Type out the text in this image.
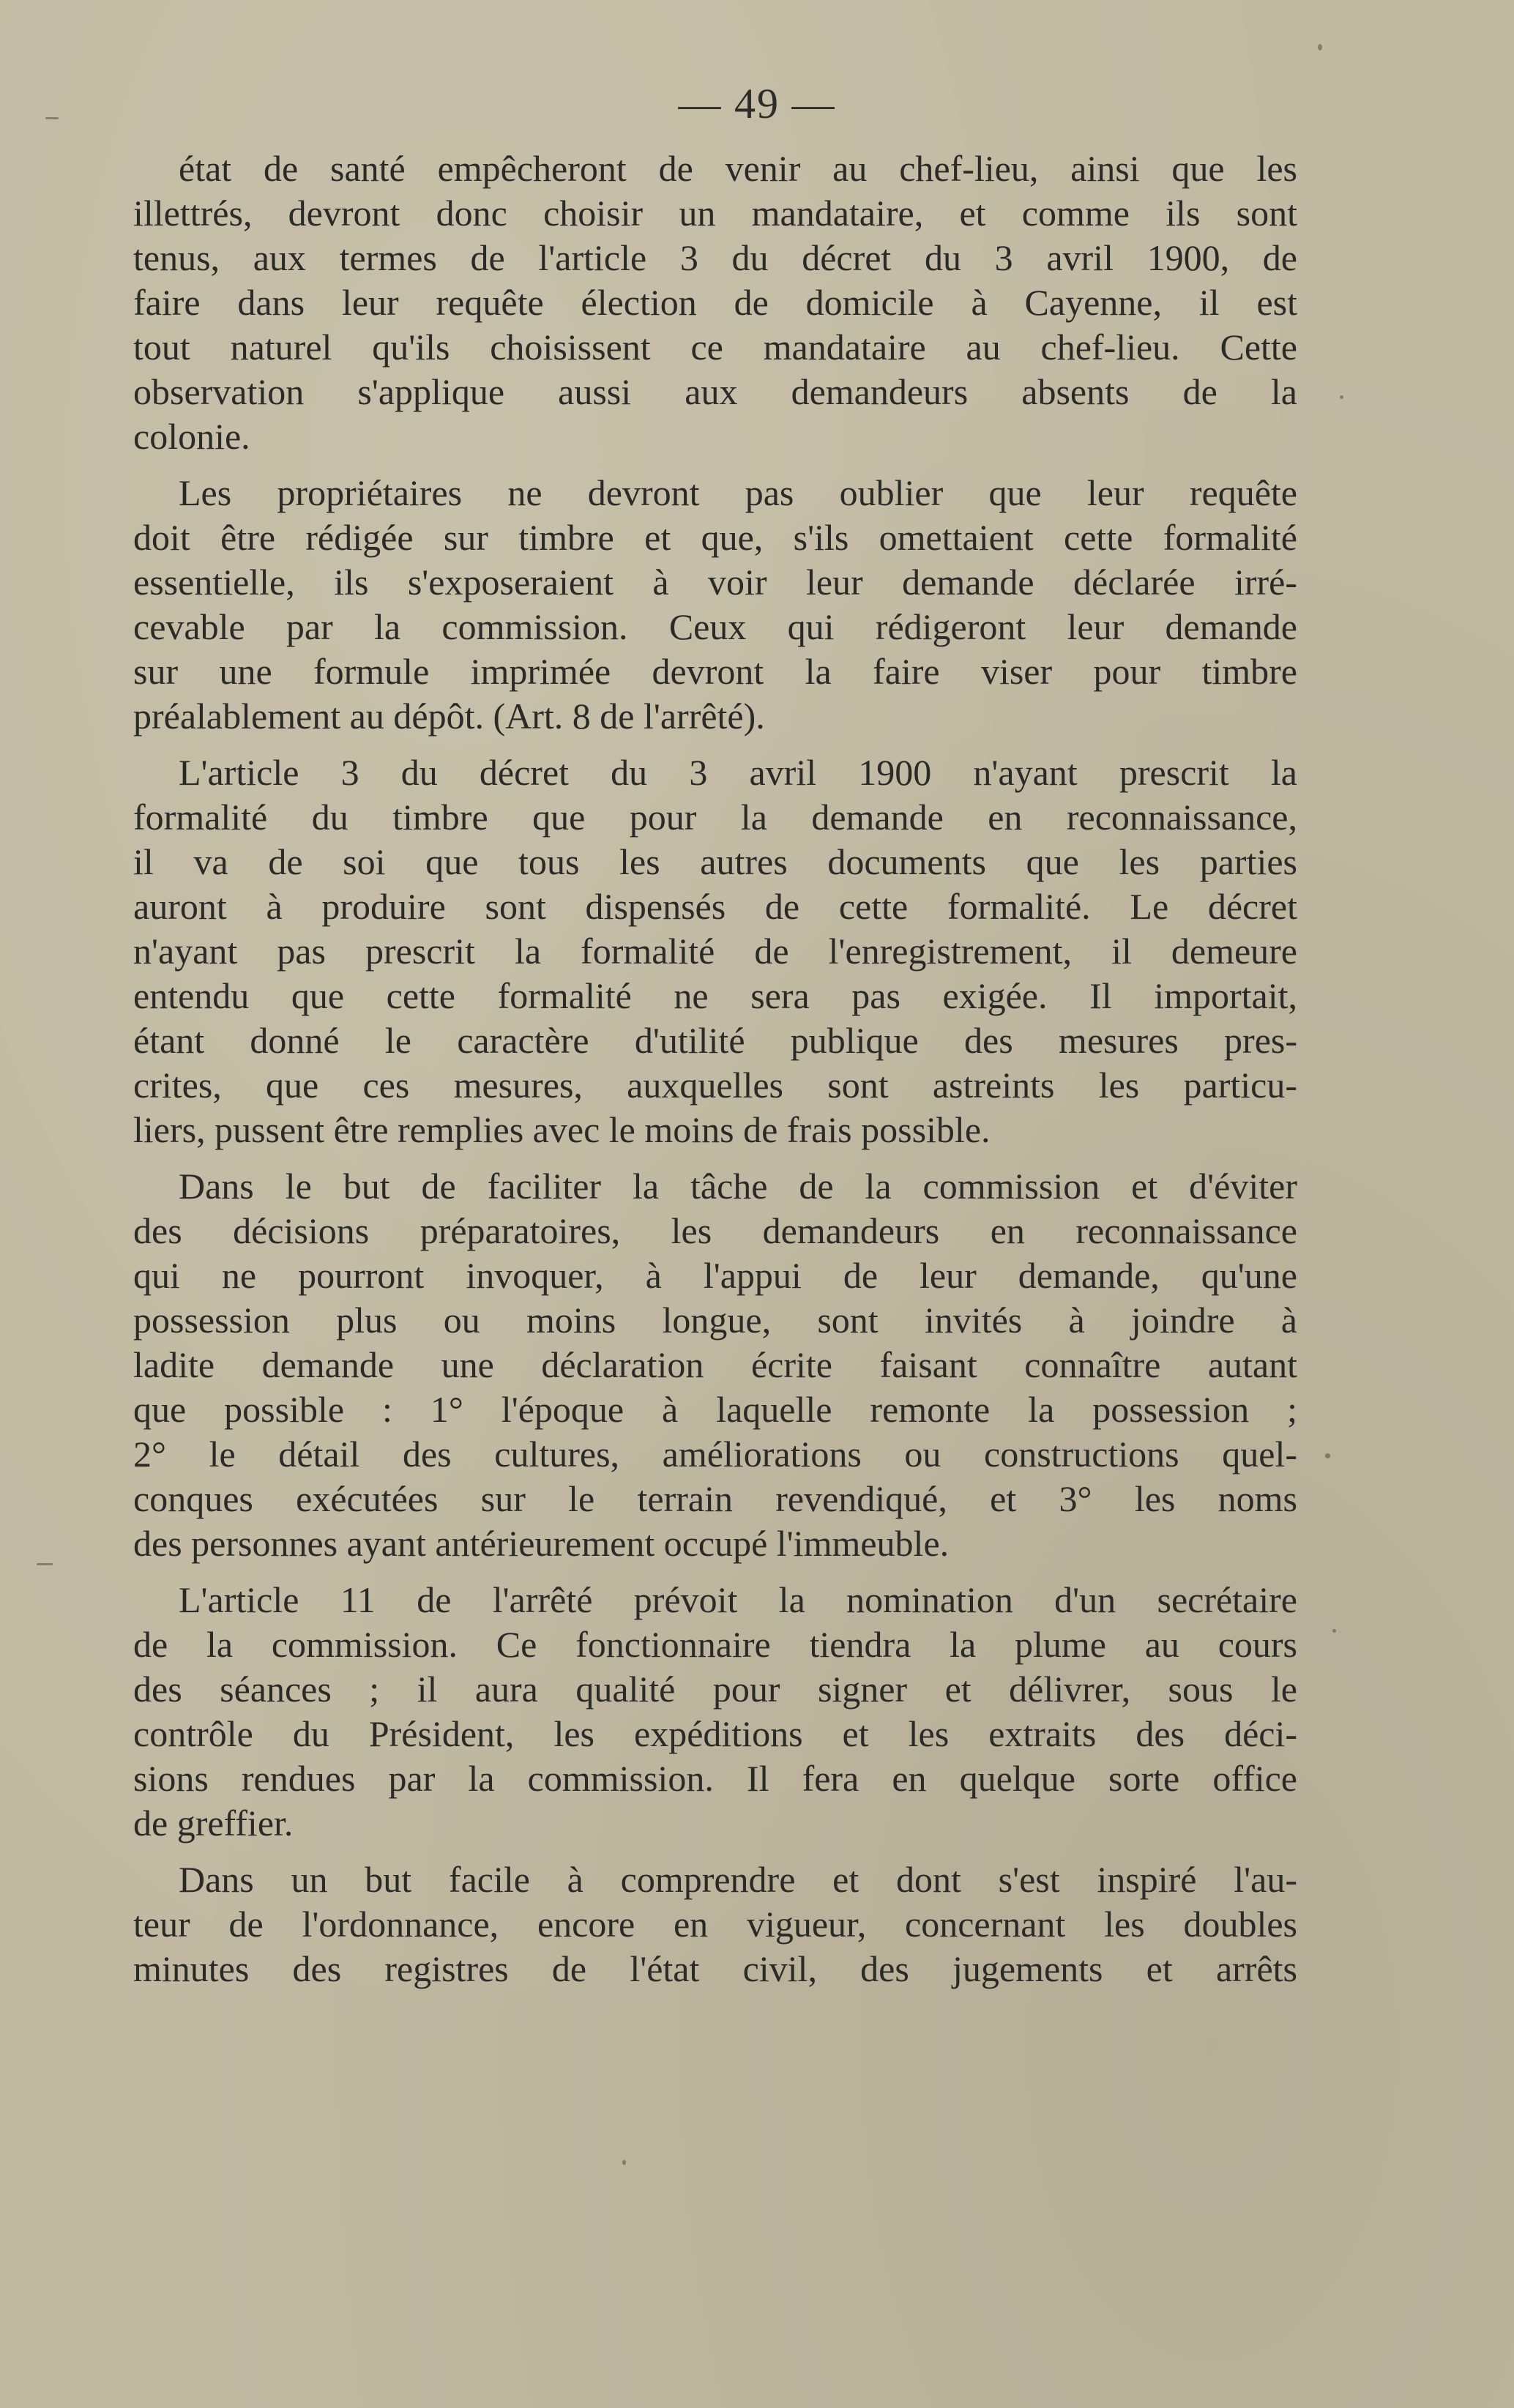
— 49 —
état de santé empêcheront de venir au chef-lieu, ainsi que les
illettrés, devront donc choisir un mandataire, et comme ils sont
tenus, aux termes de l'article 3 du décret du 3 avril 1900, de
faire dans leur requête élection de domicile à Cayenne, il est
tout naturel qu'ils choisissent ce mandataire au chef-lieu. Cette
observation s'applique aussi aux demandeurs absents de la
colonie.
Les propriétaires ne devront pas oublier que leur requête
doit être rédigée sur timbre et que, s'ils omettaient cette formalité
essentielle, ils s'exposeraient à voir leur demande déclarée irré-
cevable par la commission. Ceux qui rédigeront leur demande
sur une formule imprimée devront la faire viser pour timbre
préalablement au dépôt. (Art. 8 de l'arrêté).
L'article 3 du décret du 3 avril 1900 n'ayant prescrit la
formalité du timbre que pour la demande en reconnaissance,
il va de soi que tous les autres documents que les parties
auront à produire sont dispensés de cette formalité. Le décret
n'ayant pas prescrit la formalité de l'enregistrement, il demeure
entendu que cette formalité ne sera pas exigée. Il importait,
étant donné le caractère d'utilité publique des mesures pres-
crites, que ces mesures, auxquelles sont astreints les particu-
liers, pussent être remplies avec le moins de frais possible.
Dans le but de faciliter la tâche de la commission et d'éviter
des décisions préparatoires, les demandeurs en reconnaissance
qui ne pourront invoquer, à l'appui de leur demande, qu'une
possession plus ou moins longue, sont invités à joindre à
ladite demande une déclaration écrite faisant connaître autant
que possible : 1° l'époque à laquelle remonte la possession ;
2° le détail des cultures, améliorations ou constructions quel-
conques exécutées sur le terrain revendiqué, et 3° les noms
des personnes ayant antérieurement occupé l'immeuble.
L'article 11 de l'arrêté prévoit la nomination d'un secrétaire
de la commission. Ce fonctionnaire tiendra la plume au cours
des séances ; il aura qualité pour signer et délivrer, sous le
contrôle du Président, les expéditions et les extraits des déci-
sions rendues par la commission. Il fera en quelque sorte office
de greffier.
Dans un but facile à comprendre et dont s'est inspiré l'au-
teur de l'ordonnance, encore en vigueur, concernant les doubles
minutes des registres de l'état civil, des jugements et arrêts
